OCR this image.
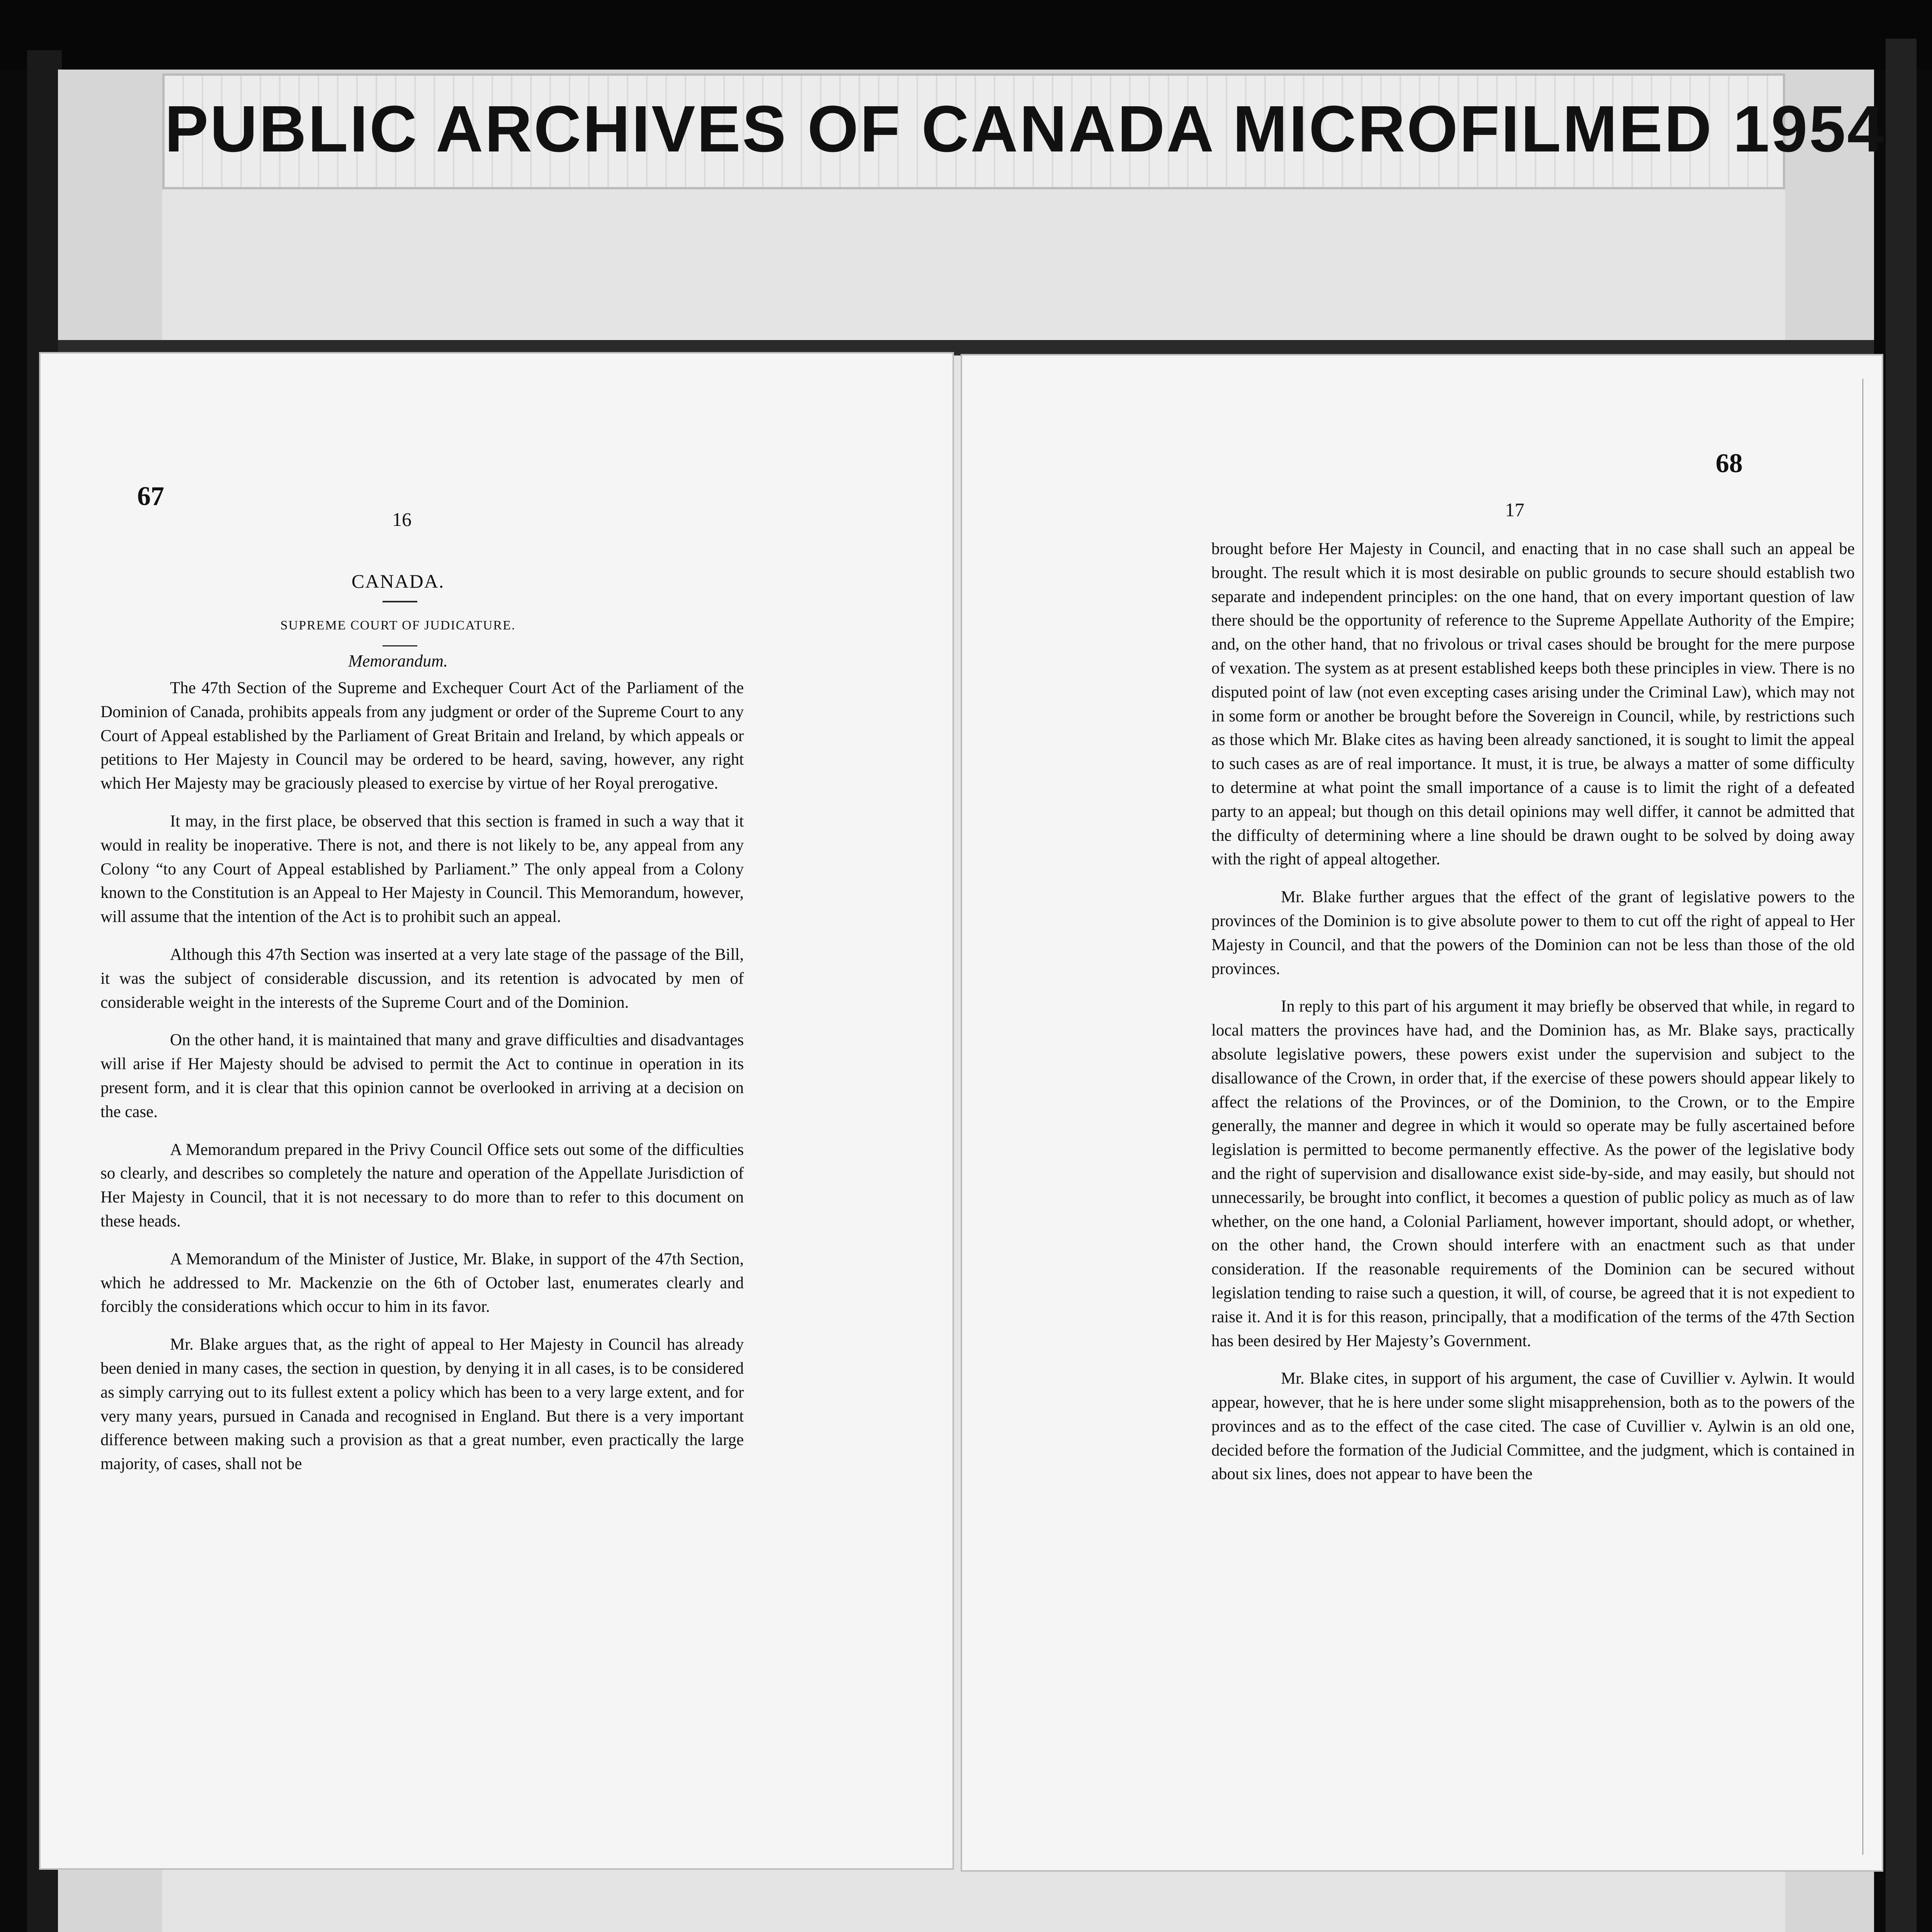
PUBLIC ARCHIVES OF CANADA MICROFILMED 1954
67
16
CANADA.
SUPREME COURT OF JUDICATURE.
Memorandum.

The 47th Section of the Supreme and Exchequer Court Act of the Parliament of the Dominion of Canada, prohibits appeals from any judgment or order of the Supreme Court to any Court of Appeal established by the Parliament of Great Britain and Ireland, by which appeals or petitions to Her Majesty in Council may be ordered to be heard, saving, however, any right which Her Majesty may be graciously pleased to exercise by virtue of her Royal prerogative.

It may, in the first place, be observed that this section is framed in such a way that it would in reality be inoperative. There is not, and there is not likely to be, any appeal from any Colony “to any Court of Appeal established by Parliament.” The only appeal from a Colony known to the Constitution is an Appeal to Her Majesty in Council. This Memorandum, however, will assume that the intention of the Act is to prohibit such an appeal.

Although this 47th Section was inserted at a very late stage of the passage of the Bill, it was the subject of considerable discussion, and its retention is advocated by men of considerable weight in the interests of the Supreme Court and of the Dominion.

On the other hand, it is maintained that many and grave difficulties and disadvantages will arise if Her Majesty should be advised to permit the Act to continue in operation in its present form, and it is clear that this opinion cannot be overlooked in arriving at a decision on the case.

A Memorandum prepared in the Privy Council Office sets out some of the difficulties so clearly, and describes so completely the nature and operation of the Appellate Jurisdiction of Her Majesty in Council, that it is not necessary to do more than to refer to this document on these heads.

A Memorandum of the Minister of Justice, Mr. Blake, in support of the 47th Section, which he addressed to Mr. Mackenzie on the 6th of October last, enumerates clearly and forcibly the considerations which occur to him in its favor.

Mr. Blake argues that, as the right of appeal to Her Majesty in Council has already been denied in many cases, the section in question, by denying it in all cases, is to be considered as simply carrying out to its fullest extent a policy which has been to a very large extent, and for very many years, pursued in Canada and recognised in England. But there is a very important difference between making such a provision as that a great number, even practically the large majority, of cases, shall not be

68
17

brought before Her Majesty in Council, and enacting that in no case shall such an appeal be brought. The result which it is most desirable on public grounds to secure should establish two separate and independent principles: on the one hand, that on every important question of law there should be the opportunity of reference to the Supreme Appellate Authority of the Empire; and, on the other hand, that no frivolous or trival cases should be brought for the mere purpose of vexation. The system as at present established keeps both these principles in view. There is no disputed point of law (not even excepting cases arising under the Criminal Law), which may not in some form or another be brought before the Sovereign in Council, while, by restrictions such as those which Mr. Blake cites as having been already sanctioned, it is sought to limit the appeal to such cases as are of real importance. It must, it is true, be always a matter of some difficulty to determine at what point the small importance of a cause is to limit the right of a defeated party to an appeal; but though on this detail opinions may well differ, it cannot be admitted that the difficulty of determining where a line should be drawn ought to be solved by doing away with the right of appeal altogether.

Mr. Blake further argues that the effect of the grant of legislative powers to the provinces of the Dominion is to give absolute power to them to cut off the right of appeal to Her Majesty in Council, and that the powers of the Dominion can not be less than those of the old provinces.

In reply to this part of his argument it may briefly be observed that while, in regard to local matters the provinces have had, and the Dominion has, as Mr. Blake says, practically absolute legislative powers, these powers exist under the supervision and subject to the disallowance of the Crown, in order that, if the exercise of these powers should appear likely to affect the relations of the Provinces, or of the Dominion, to the Crown, or to the Empire generally, the manner and degree in which it would so operate may be fully ascertained before legislation is permitted to become permanently effective. As the power of the legislative body and the right of supervision and disallowance exist side-by-side, and may easily, but should not unnecessarily, be brought into conflict, it becomes a question of public policy as much as of law whether, on the one hand, a Colonial Parliament, however important, should adopt, or whether, on the other hand, the Crown should interfere with an enactment such as that under consideration. If the reasonable requirements of the Dominion can be secured without legislation tending to raise such a question, it will, of course, be agreed that it is not expedient to raise it. And it is for this reason, principally, that a modification of the terms of the 47th Section has been desired by Her Majesty’s Government.

Mr. Blake cites, in support of his argument, the case of Cuvillier v. Aylwin. It would appear, however, that he is here under some slight misapprehension, both as to the powers of the provinces and as to the effect of the case cited. The case of Cuvillier v. Aylwin is an old one, decided before the formation of the Judicial Committee, and the judgment, which is contained in about six lines, does not appear to have been the
